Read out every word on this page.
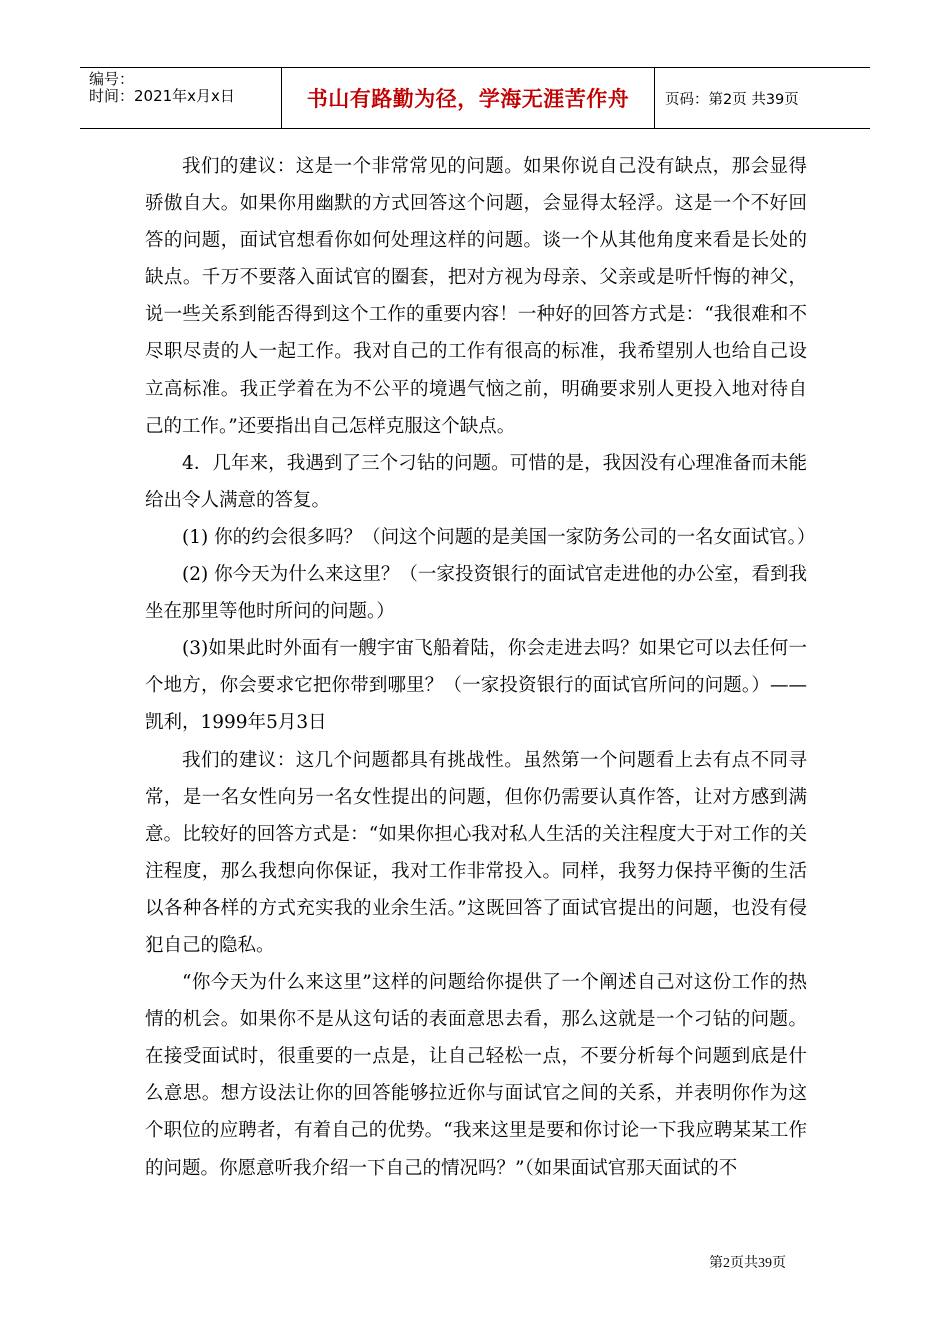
编号：
时间：2021年x月x日	书山有路勤为径，学海无涯苦作舟	页码：第2页 共39页

我们的建议：这是一个非常常见的问题。如果你说自己没有缺点，那会显得骄傲自大。如果你用幽默的方式回答这个问题，会显得太轻浮。这是一个不好回答的问题，面试官想看你如何处理这样的问题。谈一个从其他角度来看是长处的缺点。千万不要落入面试官的圈套，把对方视为母亲、父亲或是听忏悔的神父，说一些关系到能否得到这个工作的重要内容！一种好的回答方式是：“我很难和不尽职尽责的人一起工作。我对自己的工作有很高的标准，我希望别人也给自己设立高标准。我正学着在为不公平的境遇气恼之前，明确要求别人更投入地对待自己的工作。”还要指出自己怎样克服这个缺点。

4．几年来，我遇到了三个刁钻的问题。可惜的是，我因没有心理准备而未能给出令人满意的答复。

(1) 你的约会很多吗？（问这个问题的是美国一家防务公司的一名女面试官。）

(2) 你今天为什么来这里？（一家投资银行的面试官走进他的办公室，看到我坐在那里等他时所问的问题。）

(3)如果此时外面有一艘宇宙飞船着陆，你会走进去吗？如果它可以去任何一个地方，你会要求它把你带到哪里？（一家投资银行的面试官所问的问题。）——凯利，1999年5月3日

我们的建议：这几个问题都具有挑战性。虽然第一个问题看上去有点不同寻常，是一名女性向另一名女性提出的问题，但你仍需要认真作答，让对方感到满意。比较好的回答方式是：“如果你担心我对私人生活的关注程度大于对工作的关注程度，那么我想向你保证，我对工作非常投入。同样，我努力保持平衡的生活以各种各样的方式充实我的业余生活。”这既回答了面试官提出的问题，也没有侵犯自己的隐私。

“你今天为什么来这里”这样的问题给你提供了一个阐述自己对这份工作的热情的机会。如果你不是从这句话的表面意思去看，那么这就是一个刁钻的问题。在接受面试时，很重要的一点是，让自己轻松一点，不要分析每个问题到底是什么意思。想方设法让你的回答能够拉近你与面试官之间的关系，并表明你作为这个职位的应聘者，有着自己的优势。“我来这里是要和你讨论一下我应聘某某工作的问题。你愿意听我介绍一下自己的情况吗？”（如果面试官那天面试的不

第2页共39页
